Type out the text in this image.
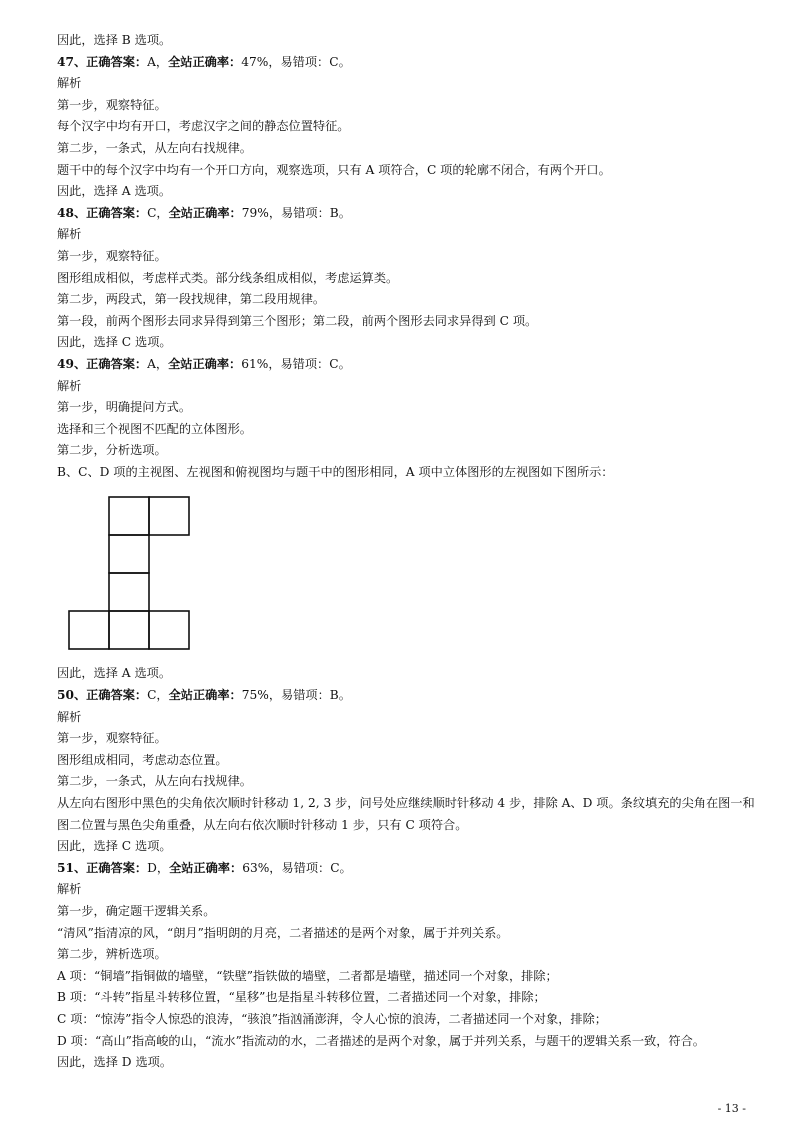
因此，选择 B 选项。
47、正确答案：A，全站正确率：47%，易错项：C。
解析
第一步，观察特征。
每个汉字中均有开口，考虑汉字之间的静态位置特征。
第二步，一条式，从左向右找规律。
题干中的每个汉字中均有一个开口方向，观察选项，只有 A 项符合，C 项的轮廓不闭合，有两个开口。
因此，选择 A 选项。
48、正确答案：C，全站正确率：79%，易错项：B。
解析
第一步，观察特征。
图形组成相似，考虑样式类。部分线条组成相似，考虑运算类。
第二步，两段式，第一段找规律，第二段用规律。
第一段，前两个图形去同求异得到第三个图形；第二段，前两个图形去同求异得到 C 项。
因此，选择 C 选项。
49、正确答案：A，全站正确率：61%，易错项：C。
解析
第一步，明确提问方式。
选择和三个视图不匹配的立体图形。
第二步，分析选项。
B、C、D 项的主视图、左视图和俯视图均与题干中的图形相同，A 项中立体图形的左视图如下图所示：
因此，选择 A 选项。
50、正确答案：C，全站正确率：75%，易错项：B。
解析
第一步，观察特征。
图形组成相同，考虑动态位置。
第二步，一条式，从左向右找规律。
从左向右图形中黑色的尖角依次顺时针移动 1, 2, 3 步，问号处应继续顺时针移动 4 步，排除 A、D 项。条纹填充的尖角在图一和图二位置与黑色尖角重叠，从左向右依次顺时针移动 1 步，只有 C 项符合。
因此，选择 C 选项。
51、正确答案：D，全站正确率：63%，易错项：C。
解析
第一步，确定题干逻辑关系。
“清风”指清凉的风，“朗月”指明朗的月亮，二者描述的是两个对象，属于并列关系。
第二步，辨析选项。
A 项：“铜墙”指铜做的墙壁，“铁壁”指铁做的墙壁，二者都是墙壁，描述同一个对象，排除；
B 项：“斗转”指星斗转移位置，“星移”也是指星斗转移位置，二者描述同一个对象，排除；
C 项：“惊涛”指令人惊恐的浪涛，“骇浪”指汹涌澎湃，令人心惊的浪涛，二者描述同一个对象，排除；
D 项：“高山”指高峻的山，“流水”指流动的水，二者描述的是两个对象，属于并列关系，与题干的逻辑关系一致，符合。
因此，选择 D 选项。
- 13 -
